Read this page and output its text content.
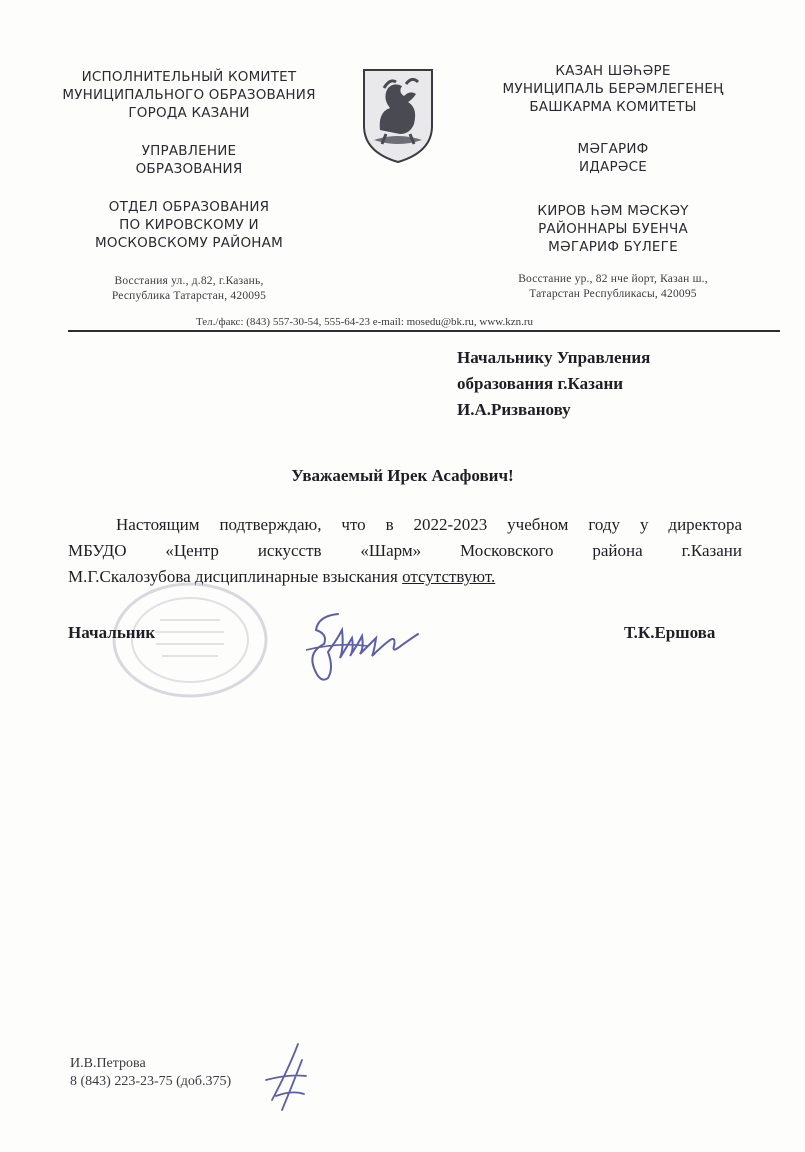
ИСПОЛНИТЕЛЬНЫЙ КОМИТЕТ
МУНИЦИПАЛЬНОГО ОБРАЗОВАНИЯ
ГОРОДА КАЗАНИ
УПРАВЛЕНИЕ
ОБРАЗОВАНИЯ
ОТДЕЛ ОБРАЗОВАНИЯ
ПО КИРОВСКОМУ И
МОСКОВСКОМУ РАЙОНАМ
Восстания ул., д.82, г.Казань,
Республика Татарстан, 420095
КАЗАН ШӘҺӘРЕ
МУНИЦИПАЛЬ БЕРӘМЛЕГЕНЕҢ
БАШКАРМА КОМИТЕТЫ
МӘГАРИФ
ИДАРӘСЕ
КИРОВ ҺӘМ МӘСКӘҮ
РАЙОННАРЫ БУЕНЧА
МӘГАРИФ БҮЛЕГЕ
Восстание ур., 82 нче йорт, Казан ш.,
Татарстан Республикасы, 420095
Тел./факс: (843) 557-30-54, 555-64-23 e-mail: mosedu@bk.ru, www.kzn.ru
Начальнику Управления
образования г.Казани
И.А.Ризванову
Уважаемый Ирек Асафович!
Настоящим подтверждаю, что в 2022-2023 учебном году у директора
МБУДО «Центр искусств «Шарм» Московского района г.Казани
М.Г.Скалозубова дисциплинарные взыскания отсутствуют.
Начальник	Т.К.Ершова
И.В.Петрова
8 (843) 223-23-75 (доб.375)
